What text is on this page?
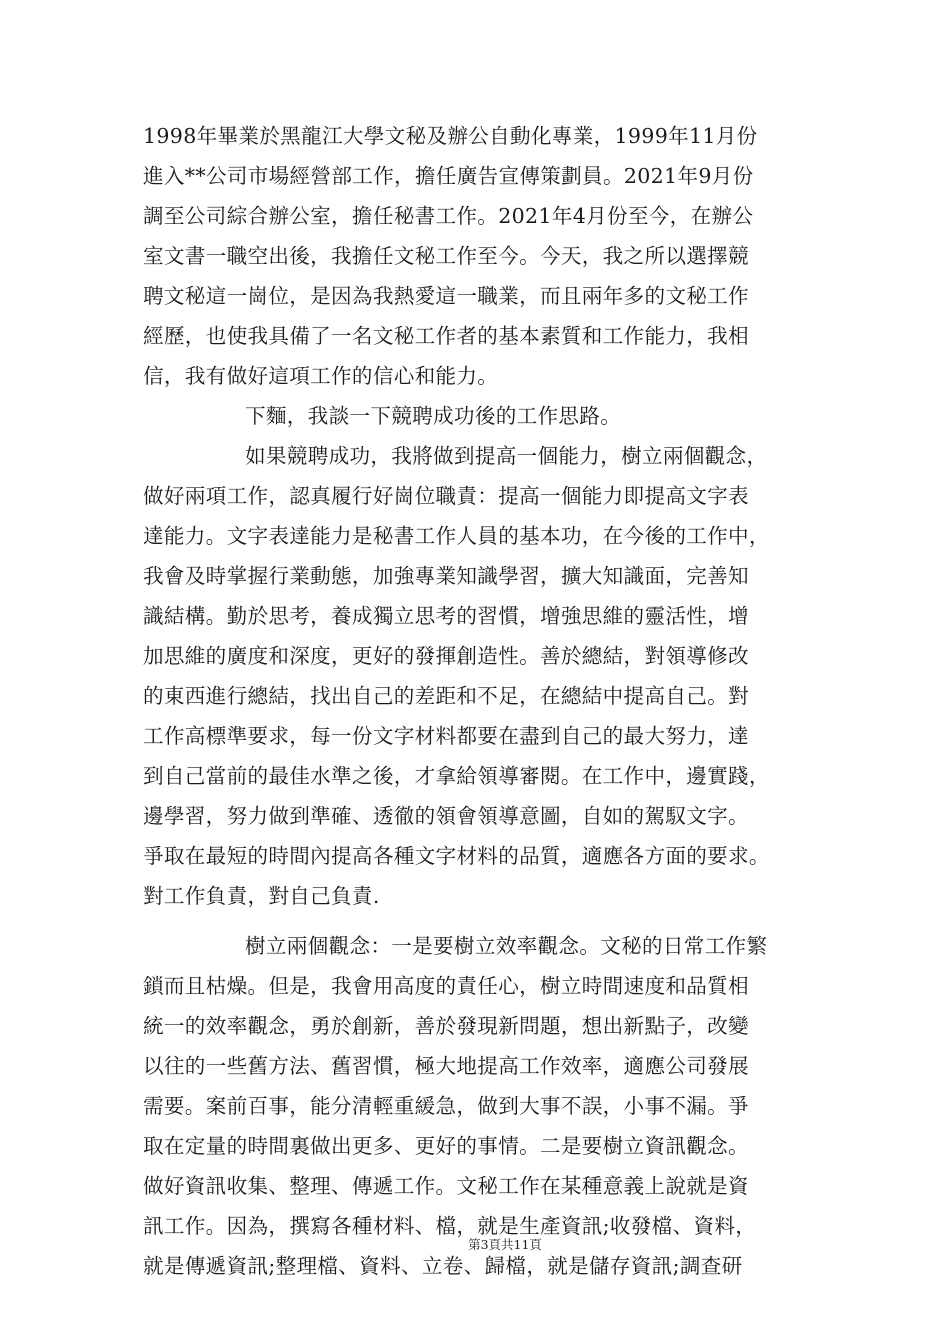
1998年畢業於黑龍江大學文秘及辦公自動化專業，1999年11月份
進入**公司市場經營部工作，擔任廣告宣傳策劃員。2021年9月份
調至公司綜合辦公室，擔任秘書工作。2021年4月份至今，在辦公
室文書一職空出後，我擔任文秘工作至今。今天，我之所以選擇競
聘文秘這一崗位，是因為我熱愛這一職業，而且兩年多的文秘工作
經歷，也使我具備了一名文秘工作者的基本素質和工作能力，我相
信，我有做好這項工作的信心和能力。
下麵，我談一下競聘成功後的工作思路。
如果競聘成功，我將做到提高一個能力，樹立兩個觀念，
做好兩項工作，認真履行好崗位職責：提高一個能力即提高文字表
達能力。文字表達能力是秘書工作人員的基本功，在今後的工作中，
我會及時掌握行業動態，加強專業知識學習，擴大知識面，完善知
識結構。勤於思考，養成獨立思考的習慣，增強思維的靈活性，增
加思維的廣度和深度，更好的發揮創造性。善於總結，對領導修改
的東西進行總結，找出自己的差距和不足，在總結中提高自己。對
工作高標準要求，每一份文字材料都要在盡到自己的最大努力，達
到自己當前的最佳水準之後，才拿給領導審閱。在工作中，邊實踐，
邊學習，努力做到準確、透徹的領會領導意圖，自如的駕馭文字。
爭取在最短的時間內提高各種文字材料的品質，適應各方面的要求。
對工作負責，對自己負責.
樹立兩個觀念：一是要樹立效率觀念。文秘的日常工作繁
鎖而且枯燥。但是，我會用高度的責任心，樹立時間速度和品質相
統一的效率觀念，勇於創新，善於發現新問題，想出新點子，改變
以往的一些舊方法、舊習慣，極大地提高工作效率，適應公司發展
需要。案前百事，能分清輕重緩急，做到大事不誤，小事不漏。爭
取在定量的時間裏做出更多、更好的事情。二是要樹立資訊觀念。
做好資訊收集、整理、傳遞工作。文秘工作在某種意義上說就是資
訊工作。因為，撰寫各種材料、檔，就是生產資訊;收發檔、資料，
就是傳遞資訊;整理檔、資料、立卷、歸檔，就是儲存資訊;調查研
第3頁共11頁
